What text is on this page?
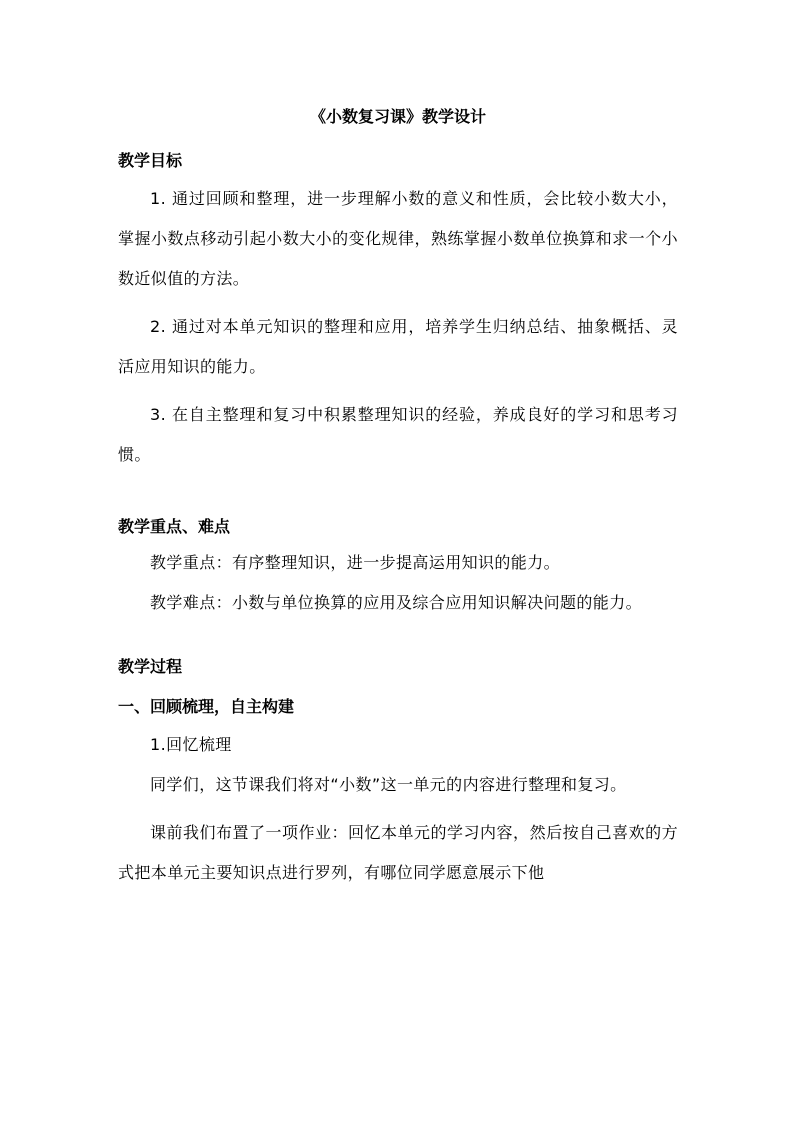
《小数复习课》教学设计

教学目标

1. 通过回顾和整理，进一步理解小数的意义和性质，会比较小数大小，掌握小数点移动引起小数大小的变化规律，熟练掌握小数单位换算和求一个小数近似值的方法。

2. 通过对本单元知识的整理和应用，培养学生归纳总结、抽象概括、灵活应用知识的能力。

3. 在自主整理和复习中积累整理知识的经验，养成良好的学习和思考习惯。

教学重点、难点

教学重点：有序整理知识，进一步提高运用知识的能力。

教学难点：小数与单位换算的应用及综合应用知识解决问题的能力。

教学过程

一、回顾梳理，自主构建

1.回忆梳理

同学们，这节课我们将对“小数”这一单元的内容进行整理和复习。

课前我们布置了一项作业：回忆本单元的学习内容，然后按自己喜欢的方式把本单元主要知识点进行罗列，有哪位同学愿意展示下他
